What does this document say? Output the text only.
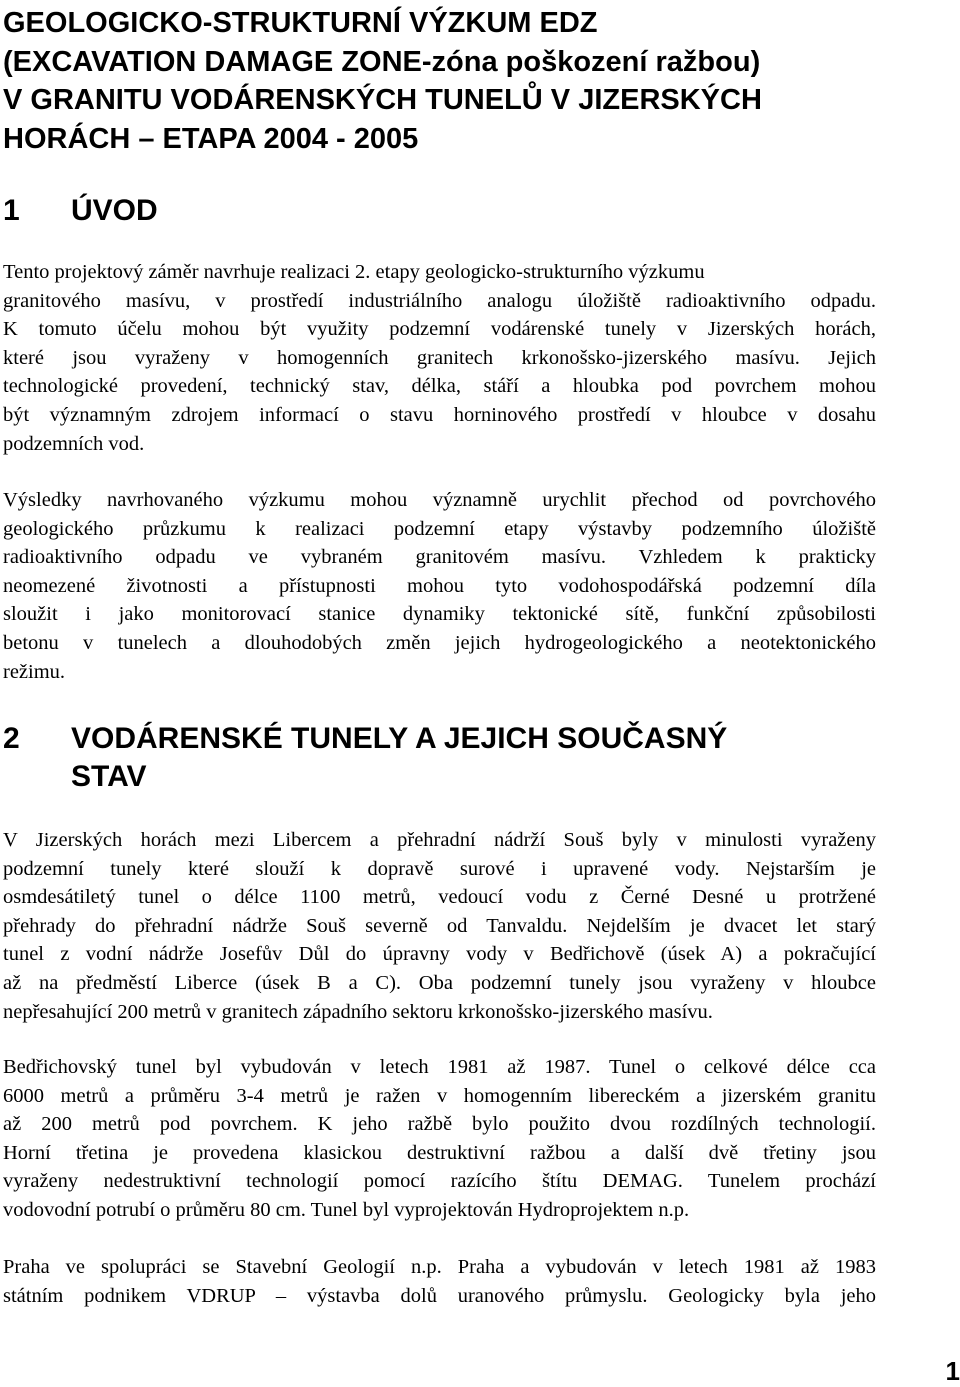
GEOLOGICKO-STRUKTURNÍ VÝZKUM EDZ
(EXCAVATION DAMAGE ZONE-zóna poškození ražbou)
V GRANITU VODÁRENSKÝCH TUNELŮ V JIZERSKÝCH
HORÁCH – ETAPA 2004 - 2005
1 ÚVOD
Tento projektový záměr navrhuje realizaci 2. etapy geologicko-strukturního výzkumu
granitového masívu, v prostředí industriálního analogu úložiště radioaktivního odpadu.
K tomuto účelu mohou být využity podzemní vodárenské tunely v Jizerských horách,
které jsou vyraženy v homogenních granitech krkonošsko-jizerského masívu. Jejich
technologické provedení, technický stav, délka, stáří a hloubka pod povrchem mohou
být významným zdrojem informací o stavu horninového prostředí v hloubce v dosahu
podzemních vod.
Výsledky navrhovaného výzkumu mohou významně urychlit přechod od povrchového
geologického průzkumu k realizaci podzemní etapy výstavby podzemního úložiště
radioaktivního odpadu ve vybraném granitovém masívu. Vzhledem k prakticky
neomezené životnosti a přístupnosti mohou tyto vodohospodářská podzemní díla
sloužit i jako monitorovací stanice dynamiky tektonické sítě, funkční způsobilosti
betonu v tunelech a dlouhodobých změn jejich hydrogeologického a neotektonického
režimu.
2 VODÁRENSKÉ TUNELY A JEJICH SOUČASNÝ
STAV
V Jizerských horách mezi Libercem a přehradní nádrží Souš byly v minulosti vyraženy
podzemní tunely které slouží k dopravě surové i upravené vody. Nejstarším je
osmdesátiletý tunel o délce 1100 metrů, vedoucí vodu z Černé Desné u protržené
přehrady do přehradní nádrže Souš severně od Tanvaldu. Nejdelším je dvacet let starý
tunel z vodní nádrže Josefův Důl do úpravny vody v Bedřichově (úsek A) a pokračující
až na předměstí Liberce (úsek B a C). Oba podzemní tunely jsou vyraženy v hloubce
nepřesahující 200 metrů v granitech západního sektoru krkonošsko-jizerského masívu.
Bedřichovský tunel byl vybudován v letech 1981 až 1987. Tunel o celkové délce cca
6000 metrů a průměru 3-4 metrů je ražen v homogenním libereckém a jizerském granitu
až 200 metrů pod povrchem. K jeho ražbě bylo použito dvou rozdílných technologií.
Horní třetina je provedena klasickou destruktivní ražbou a další dvě třetiny jsou
vyraženy nedestruktivní technologií pomocí razícího štítu DEMAG. Tunelem prochází
vodovodní potrubí o průměru 80 cm. Tunel byl vyprojektován Hydroprojektem n.p.
Praha ve spolupráci se Stavební Geologií n.p. Praha a vybudován v letech 1981 až 1983
státním podnikem VDRUP – výstavba dolů uranového průmyslu. Geologicky byla jeho
1
